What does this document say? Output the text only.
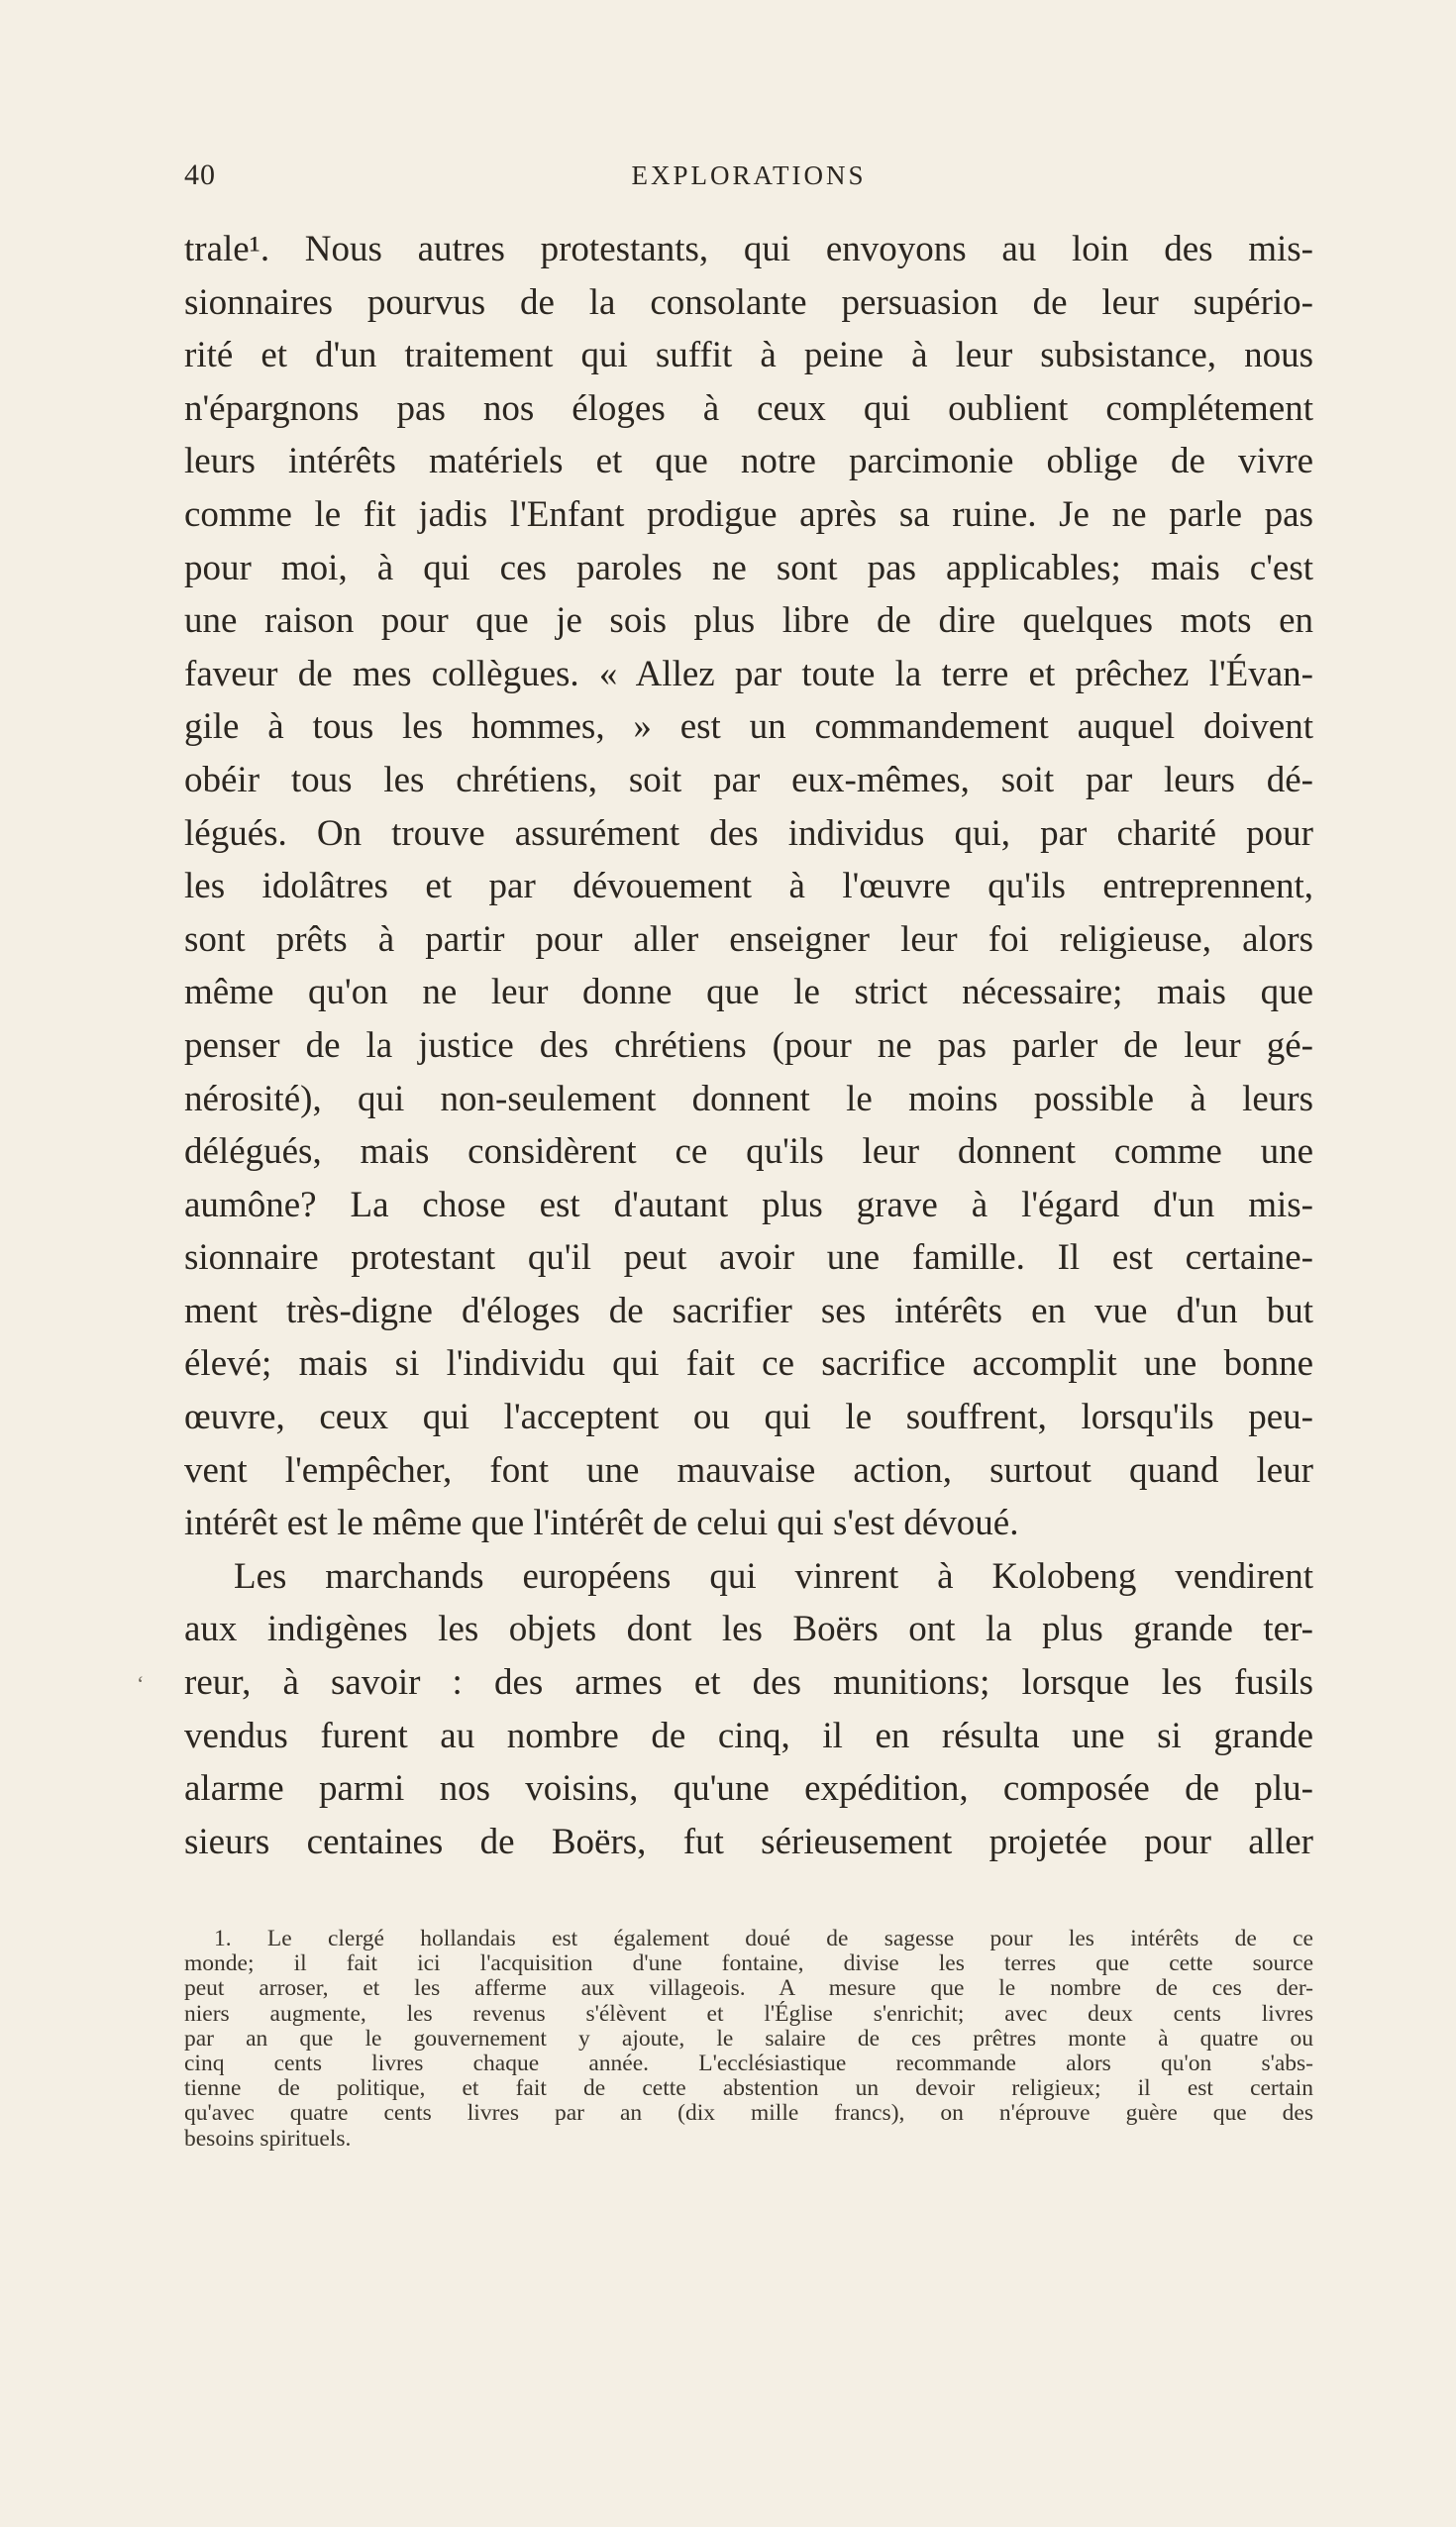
40	EXPLORATIONS
trale¹. Nous autres protestants, qui envoyons au loin des mis-
sionnaires pourvus de la consolante persuasion de leur supério-
rité et d'un traitement qui suffit à peine à leur subsistance, nous
n'épargnons pas nos éloges à ceux qui oublient complétement
leurs intérêts matériels et que notre parcimonie oblige de vivre
comme le fit jadis l'Enfant prodigue après sa ruine. Je ne parle pas
pour moi, à qui ces paroles ne sont pas applicables; mais c'est
une raison pour que je sois plus libre de dire quelques mots en
faveur de mes collègues. « Allez par toute la terre et prêchez l'Évan-
gile à tous les hommes, » est un commandement auquel doivent
obéir tous les chrétiens, soit par eux-mêmes, soit par leurs dé-
légués. On trouve assurément des individus qui, par charité pour
les idolâtres et par dévouement à l'œuvre qu'ils entreprennent,
sont prêts à partir pour aller enseigner leur foi religieuse, alors
même qu'on ne leur donne que le strict nécessaire; mais que
penser de la justice des chrétiens (pour ne pas parler de leur gé-
nérosité), qui non-seulement donnent le moins possible à leurs
délégués, mais considèrent ce qu'ils leur donnent comme une
aumône? La chose est d'autant plus grave à l'égard d'un mis-
sionnaire protestant qu'il peut avoir une famille. Il est certaine-
ment très-digne d'éloges de sacrifier ses intérêts en vue d'un but
élevé; mais si l'individu qui fait ce sacrifice accomplit une bonne
œuvre, ceux qui l'acceptent ou qui le souffrent, lorsqu'ils peu-
vent l'empêcher, font une mauvaise action, surtout quand leur
intérêt est le même que l'intérêt de celui qui s'est dévoué.
Les marchands européens qui vinrent à Kolobeng vendirent
aux indigènes les objets dont les Boërs ont la plus grande ter-
reur, à savoir : des armes et des munitions; lorsque les fusils
vendus furent au nombre de cinq, il en résulta une si grande
alarme parmi nos voisins, qu'une expédition, composée de plu-
sieurs centaines de Boërs, fut sérieusement projetée pour aller
ʻ
1. Le clergé hollandais est également doué de sagesse pour les intérêts de ce
monde; il fait ici l'acquisition d'une fontaine, divise les terres que cette source
peut arroser, et les afferme aux villageois. A mesure que le nombre de ces der-
niers augmente, les revenus s'élèvent et l'Église s'enrichit; avec deux cents livres
par an que le gouvernement y ajoute, le salaire de ces prêtres monte à quatre ou
cinq cents livres chaque année. L'ecclésiastique recommande alors qu'on s'abs-
tienne de politique, et fait de cette abstention un devoir religieux; il est certain
qu'avec quatre cents livres par an (dix mille francs), on n'éprouve guère que des
besoins spirituels.
